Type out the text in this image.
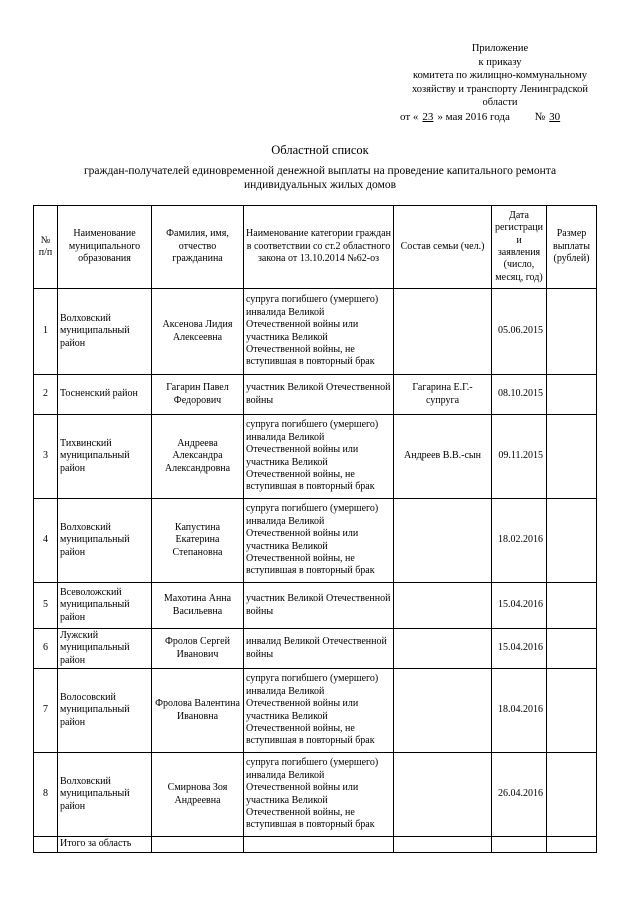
Приложение
к приказу
комитета по жилищно-коммунальному
хозяйству и транспорту Ленинградской
области
от « 23 » мая 2016 года № 30
Областной список
граждан-получателей единовременной денежной выплаты на проведение капитального ремонта индивидуальных жилых домов
№ п/п	Наименование муниципального образования	Фамилия, имя, отчество гражданина	Наименование категории граждан в соответствии со ст.2 областного закона от 13.10.2014 №62-оз	Состав семьи (чел.)	Дата регистраци и заявления (число, месяц, год)	Размер выплаты (рублей)
1	Волховский муниципальный район	Аксенова Лидия Алексеевна	супруга погибшего (умершего) инвалида Великой Отечественной войны или участника Великой Отечественной войны, не вступившая в повторный брак		05.06.2015	
2	Тосненский район	Гагарин Павел Федорович	участник Великой Отечественной войны	Гагарина Е.Г.-супруга	08.10.2015	
3	Тихвинский муниципальный район	Андреева Александра Александровна	супруга погибшего (умершего) инвалида Великой Отечественной войны или участника Великой Отечественной войны, не вступившая в повторный брак	Андреев В.В.-сын	09.11.2015	
4	Волховский муниципальный район	Капустина Екатерина Степановна	супруга погибшего (умершего) инвалида Великой Отечественной войны или участника Великой Отечественной войны, не вступившая в повторный брак		18.02.2016	
5	Всеволожский муниципальный район	Махотина Анна Васильевна	участник Великой Отечественной войны		15.04.2016	
6	Лужский муниципальный район	Фролов Сергей Иванович	инвалид Великой Отечественной войны		15.04.2016	
7	Волосовский муниципальный район	Фролова Валентина Ивановна	супруга погибшего (умершего) инвалида Великой Отечественной войны или участника Великой Отечественной войны, не вступившая в повторный брак		18.04.2016	
8	Волховский муниципальный район	Смирнова Зоя Андреевна	супруга погибшего (умершего) инвалида Великой Отечественной войны или участника Великой Отечественной войны, не вступившая в повторный брак		26.04.2016	
	Итого за область					
